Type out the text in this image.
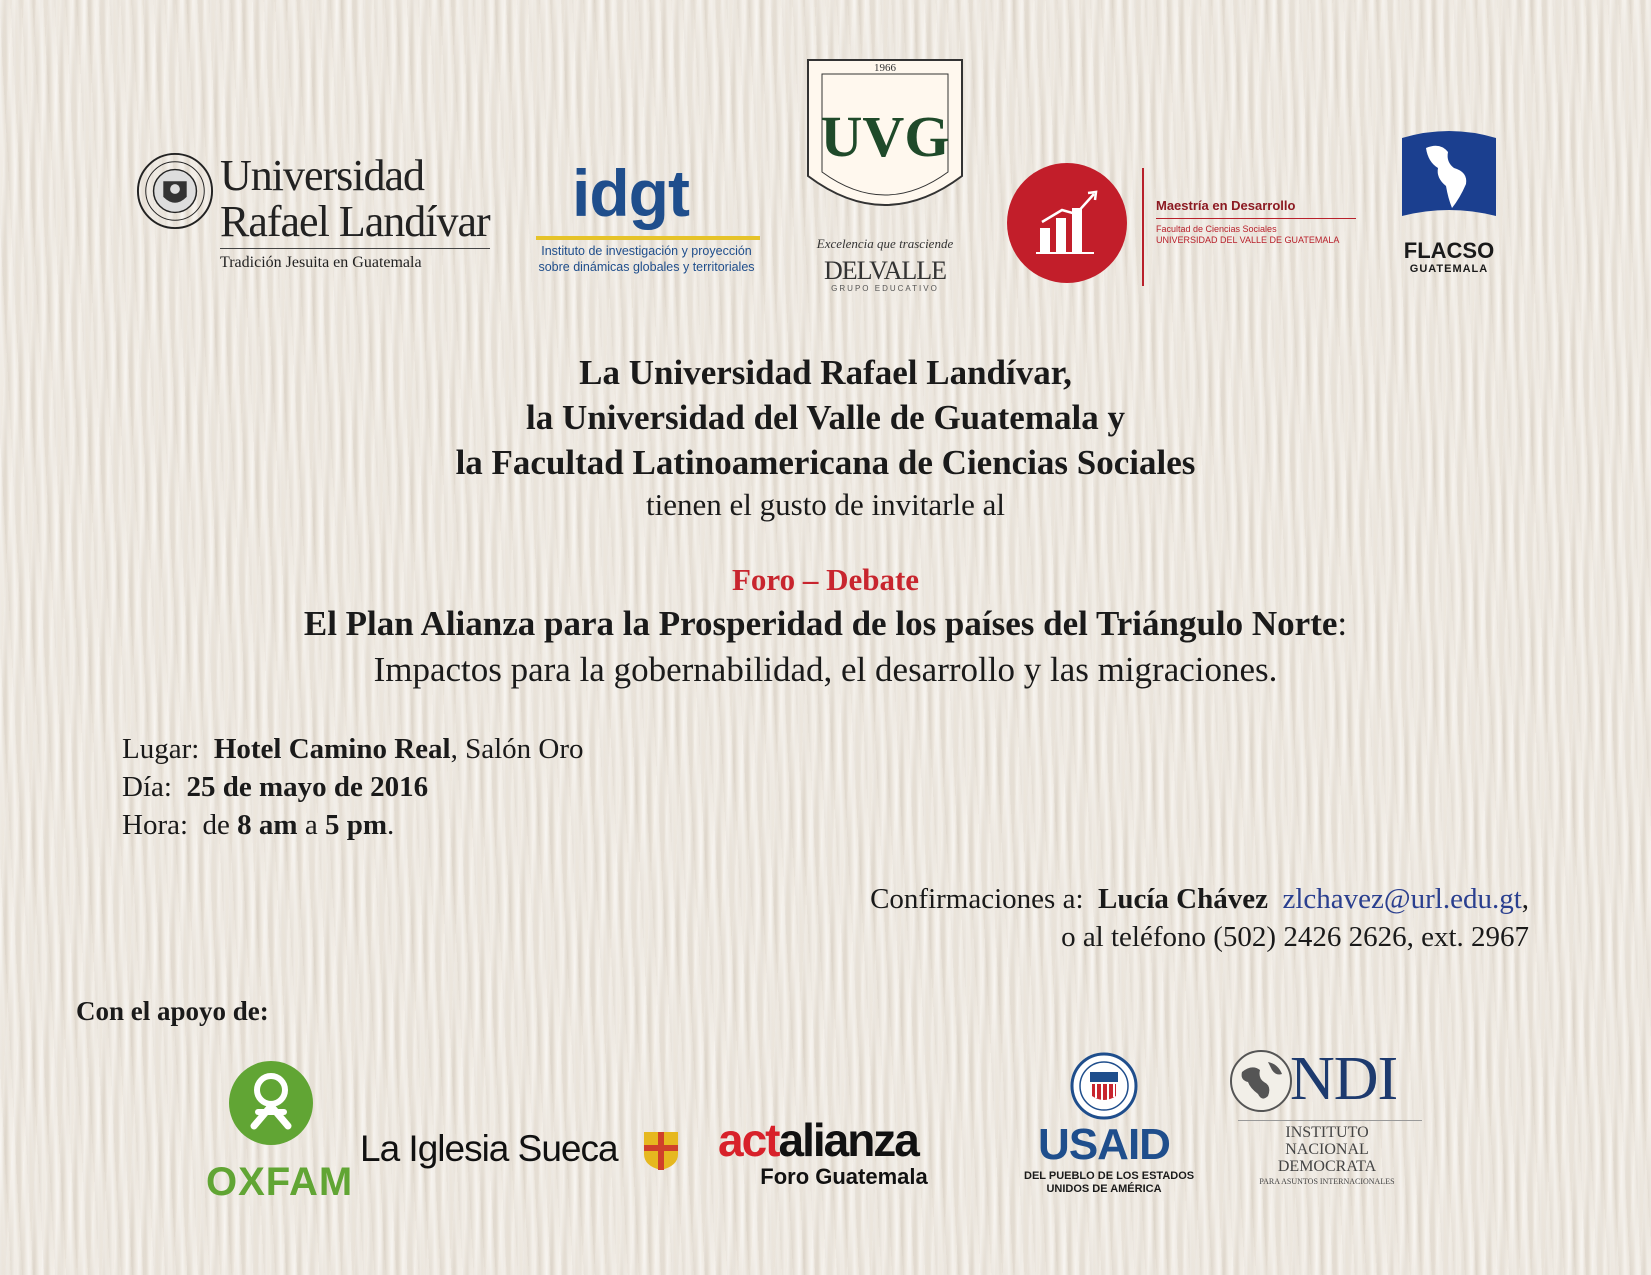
Universidad
Rafael Landívar
Tradición Jesuita en Guatemala
idgt
Instituto de investigación y proyección
sobre dinámicas globales y territoriales
1966
UVG
Excelencia que trasciende
DELVALLE
GRUPO EDUCATIVO
Maestría en Desarrollo
Facultad de Ciencias Sociales
UNIVERSIDAD DEL VALLE DE GUATEMALA	FLACSO
GUATEMALA
La Universidad Rafael Landívar,
la Universidad del Valle de Guatemala y
la Facultad Latinoamericana de Ciencias Sociales
tienen el gusto de invitarle al
Foro – Debate
El Plan Alianza para la Prosperidad de los países del Triángulo Norte:
Impactos para la gobernabilidad, el desarrollo y las migraciones.
Lugar: Hotel Camino Real, Salón Oro
Día: 25 de mayo de 2016
Hora: de 8 am a 5 pm.
Confirmaciones a: Lucía Chávez zlchavez@url.edu.gt,
o al teléfono (502) 2426 2626, ext. 2967
Con el apoyo de:
OXFAM
La Iglesia Sueca actalianza
Foro Guatemala
USAID
DEL PUEBLO DE LOS ESTADOS
UNIDOS DE AMÉRICA
NDI
INSTITUTO
NACIONAL
DEMOCRATA
PARA ASUNTOS INTERNACIONALES
